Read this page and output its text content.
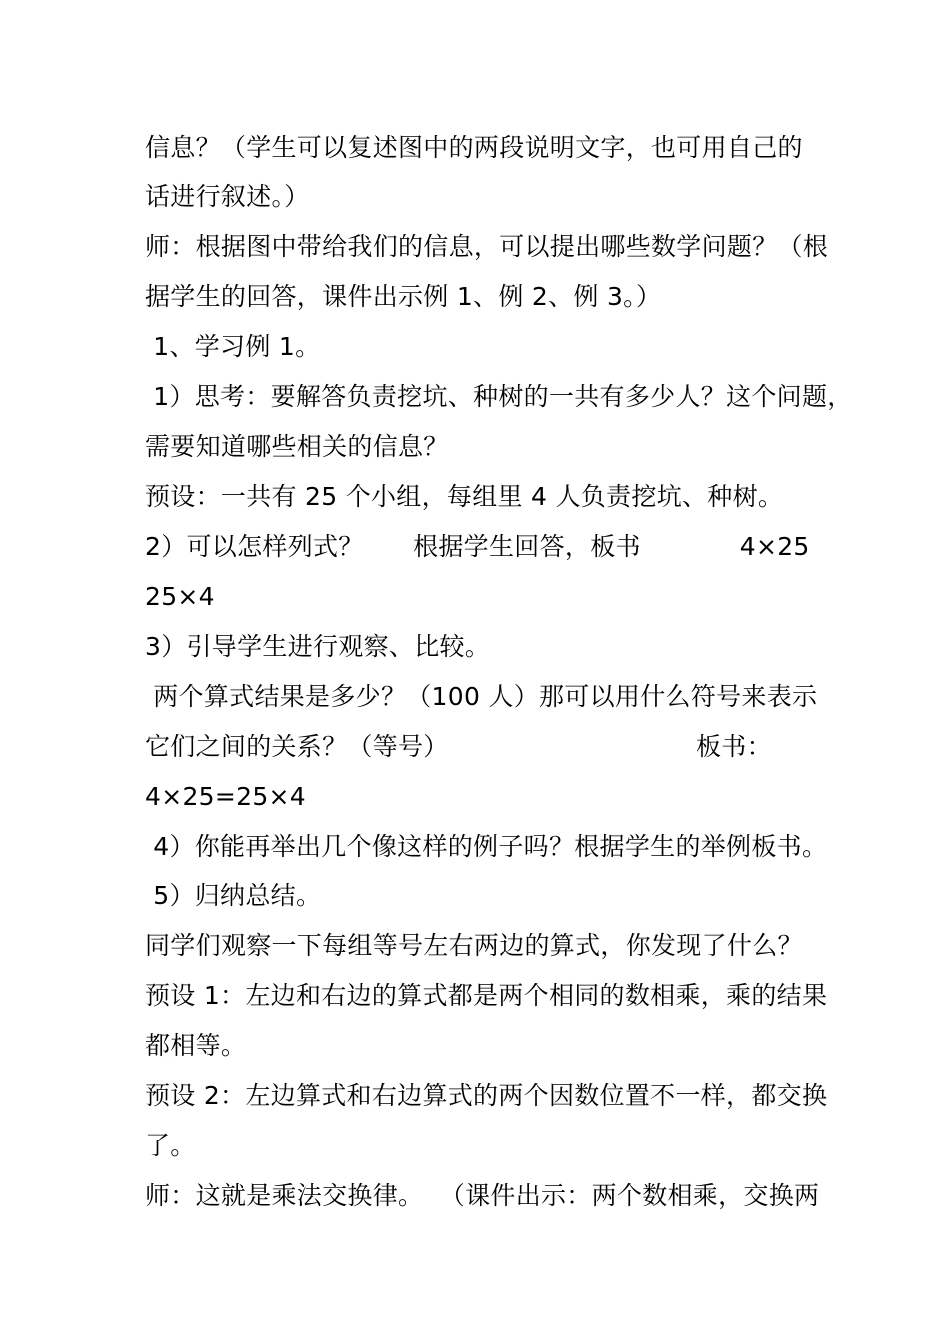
信息？（学生可以复述图中的两段说明文字，也可用自己的
话进行叙述。）
师：根据图中带给我们的信息，可以提出哪些数学问题？（根
据学生的回答，课件出示例 1、例 2、例 3。）
1、学习例 1。
1）思考：要解答负责挖坑、种树的一共有多少人？这个问题，
需要知道哪些相关的信息？
预设：一共有 25 个小组，每组里 4 人负责挖坑、种树。
2）可以怎样列式？      根据学生回答，板书            4×25
25×4
3）引导学生进行观察、比较。
两个算式结果是多少？（100 人）那可以用什么符号来表示
它们之间的关系？（等号）                              板书：
4×25=25×4
4）你能再举出几个像这样的例子吗？根据学生的举例板书。
5）归纳总结。
同学们观察一下每组等号左右两边的算式，你发现了什么？
预设 1：左边和右边的算式都是两个相同的数相乘，乘的结果
都相等。
预设 2：左边算式和右边算式的两个因数位置不一样，都交换
了。
师：这就是乘法交换律。  （课件出示：两个数相乘，交换两
